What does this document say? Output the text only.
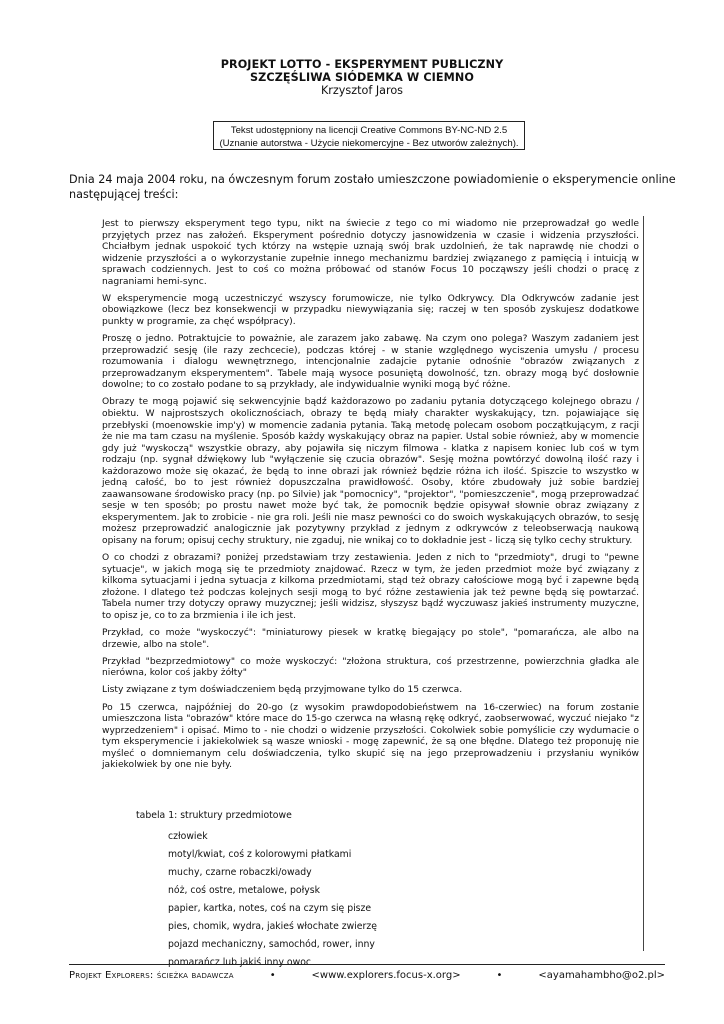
PROJEKT LOTTO - EKSPERYMENT PUBLICZNY
SZCZĘŚLIWA SIÓDEMKA W CIEMNO
Krzysztof Jaros
Tekst udostępniony na licencji Creative Commons BY-NC-ND 2.5
(Uznanie autorstwa - Użycie niekomercyjne - Bez utworów zależnych).
Dnia 24 maja 2004 roku, na ówczesnym forum zostało umieszczone powiadomienie o eksperymencie online następującej treści:

Jest to pierwszy eksperyment tego typu, nikt na świecie z tego co mi wiadomo nie przeprowadzał go wedle przyjętych przez nas założeń. Eksperyment pośrednio dotyczy jasnowidzenia w czasie i widzenia przyszłości. Chciałbym jednak uspokoić tych którzy na wstępie uznają swój brak uzdolnień, że tak naprawdę nie chodzi o widzenie przyszłości a o wykorzystanie zupełnie innego mechanizmu bardziej związanego z pamięcią i intuicją w sprawach codziennych. Jest to coś co można próbować od stanów Focus 10 począwszy jeśli chodzi o pracę z nagraniami hemi-sync.

W eksperymencie mogą uczestniczyć wszyscy forumowicze, nie tylko Odkrywcy. Dla Odkrywców zadanie jest obowiązkowe (lecz bez konsekwencji w przypadku niewywiązania się; raczej w ten sposób zyskujesz dodatkowe punkty w programie, za chęć współpracy).

Proszę o jedno. Potraktujcie to poważnie, ale zarazem jako zabawę. Na czym ono polega? Waszym zadaniem jest przeprowadzić sesję (ile razy zechcecie), podczas której - w stanie względnego wyciszenia umysłu / procesu rozumowania i dialogu wewnętrznego, intencjonalnie zadajcie pytanie odnośnie "obrazów związanych z przeprowadzanym eksperymentem". Tabele mają wysoce posuniętą dowolność, tzn. obrazy mogą być dosłownie dowolne; to co zostało podane to są przykłady, ale indywidualnie wyniki mogą być różne.

Obrazy te mogą pojawić się sekwencyjnie bądź każdorazowo po zadaniu pytania dotyczącego kolejnego obrazu / obiektu. W najprostszych okolicznościach, obrazy te będą miały charakter wyskakujący, tzn. pojawiające się przebłyski (moenowskie imp'y) w momencie zadania pytania. Taką metodę polecam osobom początkującym, z racji że nie ma tam czasu na myślenie. Sposób każdy wyskakujący obraz na papier. Ustal sobie również, aby w momencie gdy już "wyskoczą" wszystkie obrazy, aby pojawiła się niczym filmowa - klatka z napisem koniec lub coś w tym rodzaju (np. sygnał dźwiękowy lub "wyłączenie się czucia obrazów". Sesję można powtórzyć dowolną ilość razy i każdorazowo może się okazać, że będą to inne obrazi jak również będzie różna ich ilość. Spiszcie to wszystko w jedną całość, bo to jest również dopuszczalna prawidłowość. Osoby, które zbudowały już sobie bardziej zaawansowane środowisko pracy (np. po Silvie) jak "pomocnicy", "projektor", "pomieszczenie", mogą przeprowadzać sesje w ten sposób; po prostu nawet może być tak, że pomocnik będzie opisywał słownie obraz związany z eksperymentem. Jak to zrobicie - nie gra roli. Jeśli nie masz pewności co do swoich wyskakujących obrazów, to sesję możesz przeprowadzić analogicznie jak pozytywny przykład z jednym z odkrywców z teleobserwacją naukową opisany na forum; opisuj cechy struktury, nie zgaduj, nie wnikaj co to dokładnie jest - liczą się tylko cechy struktury.

O co chodzi z obrazami? poniżej przedstawiam trzy zestawienia. Jeden z nich to "przedmioty", drugi to "pewne sytuacje", w jakich mogą się te przedmioty znajdować. Rzecz w tym, że jeden przedmiot może być związany z kilkoma sytuacjami i jedna sytuacja z kilkoma przedmiotami, stąd też obrazy całościowe mogą być i zapewne będą złożone. I dlatego też podczas kolejnych sesji mogą to być różne zestawienia jak też pewne będą się powtarzać. Tabela numer trzy dotyczy oprawy muzycznej; jeśli widzisz, słyszysz bądź wyczuwasz jakieś instrumenty muzyczne, to opisz je, co to za brzmienia i ile ich jest.

Przykład, co może "wyskoczyć": "miniaturowy piesek w kratkę biegający po stole", "pomarańcza, ale albo na drzewie, albo na stole".

Przykład "bezprzedmiotowy" co może wyskoczyć: "złożona struktura, coś przestrzenne, powierzchnia gładka ale nierówna, kolor coś jakby żółty"

Listy związane z tym doświadczeniem będą przyjmowane tylko do 15 czerwca.

Po 15 czerwca, najpóźniej do 20-go (z wysokim prawdopodobieństwem na 16-czerwiec) na forum zostanie umieszczona lista "obrazów" które mace do 15-go czerwca na własną rękę odkryć, zaobserwować, wyczuć niejako "z wyprzedzeniem" i opisać. Mimo to - nie chodzi o widzenie przyszłości. Cokolwiek sobie pomyślicie czy wydumacie o tym eksperymencie i jakiekolwiek są wasze wnioski - mogę zapewnić, że są one błędne. Dlatego też proponuję nie myśleć o domniemanym celu doświadczenia, tylko skupić się na jego przeprowadzeniu i przysłaniu wyników jakiekolwiek by one nie były.

tabela 1: struktury przedmiotowe
człowiek
motyl/kwiat, coś z kolorowymi płatkami
muchy, czarne robaczki/owady
nóż, coś ostre, metalowe, połysk
papier, kartka, notes, coś na czym się pisze
pies, chomik, wydra, jakieś włochate zwierzę
pojazd mechaniczny, samochód, rower, inny
pomarańcz lub jakiś inny owoc
Projekt Explorers: ścieżka badawcza	•	<www.explorers.focus-x.org>	•	<ayamahambho@o2.pl>
